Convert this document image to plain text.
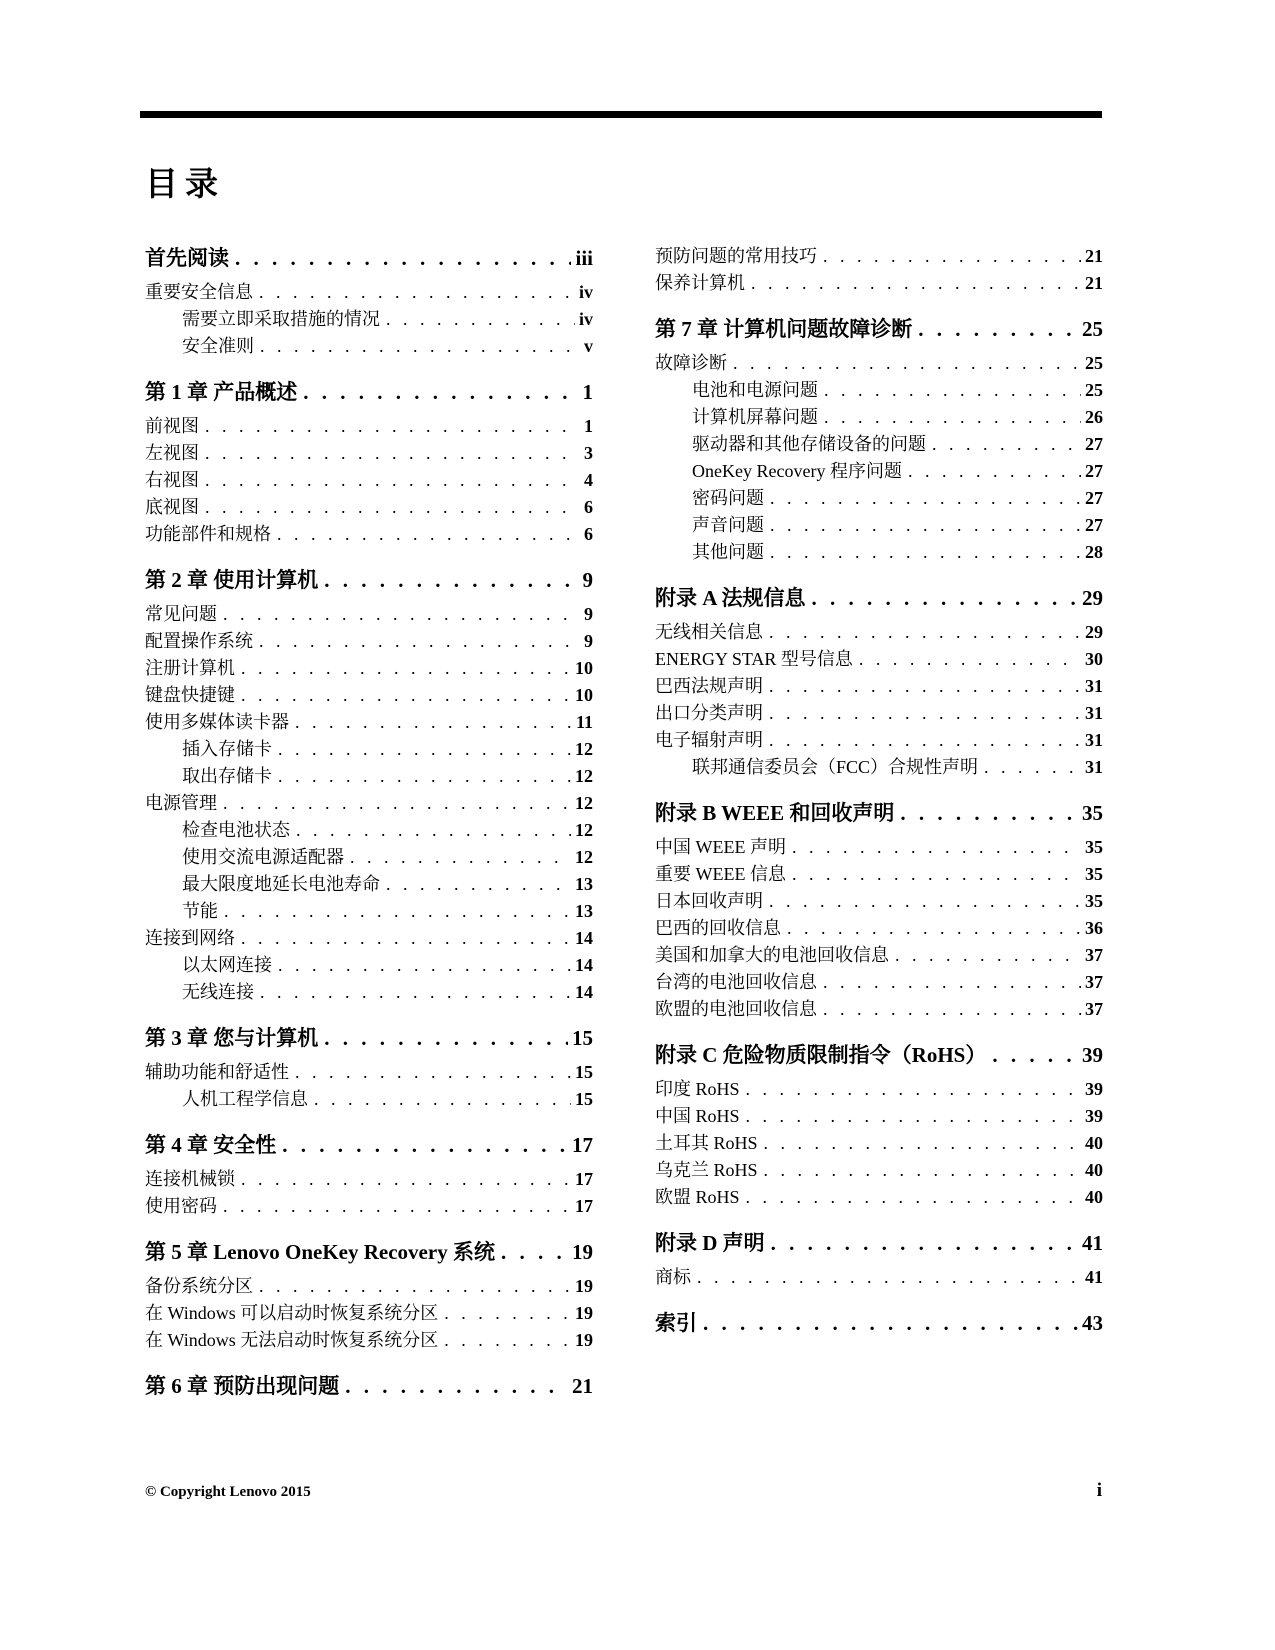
目录
首先阅读 . . .	iii
重要安全信息 . . .	iv
需要立即采取措施的情况 . . .	iv
安全准则 . . .	v
第 1 章 产品概述 . . .	1
前视图 . . .	1
左视图 . . .	3
右视图 . . .	4
底视图 . . .	6
功能部件和规格 . . .	6
第 2 章 使用计算机 . . .	9
常见问题 . . .	9
配置操作系统 . . .	9
注册计算机 . . .	10
键盘快捷键 . . .	10
使用多媒体读卡器 . . .	11
插入存储卡 . . .	12
取出存储卡 . . .	12
电源管理 . . .	12
检查电池状态 . . .	12
使用交流电源适配器 . . .	12
最大限度地延长电池寿命 . . .	13
节能 . . .	13
连接到网络 . . .	14
以太网连接 . . .	14
无线连接 . . .	14
第 3 章 您与计算机 . . .	15
辅助功能和舒适性 . . .	15
人机工程学信息 . . .	15
第 4 章 安全性 . . .	17
连接机械锁 . . .	17
使用密码 . . .	17
第 5 章 Lenovo OneKey Recovery 系统 . . .	19
备份系统分区 . . .	19
在 Windows 可以启动时恢复系统分区 . . .	19
在 Windows 无法启动时恢复系统分区 . . .	19
第 6 章 预防出现问题 . . .	21
预防问题的常用技巧 . . .	21
保养计算机 . . .	21
第 7 章 计算机问题故障诊断 . . .	25
故障诊断 . . .	25
电池和电源问题 . . .	25
计算机屏幕问题 . . .	26
驱动器和其他存储设备的问题 . . .	27
OneKey Recovery 程序问题 . . .	27
密码问题 . . .	27
声音问题 . . .	27
其他问题 . . .	28
附录 A 法规信息 . . .	29
无线相关信息 . . .	29
ENERGY STAR 型号信息 . . .	30
巴西法规声明 . . .	31
出口分类声明 . . .	31
电子辐射声明 . . .	31
联邦通信委员会（FCC）合规性声明 . . .	31
附录 B WEEE 和回收声明 . . .	35
中国 WEEE 声明 . . .	35
重要 WEEE 信息 . . .	35
日本回收声明 . . .	35
巴西的回收信息 . . .	36
美国和加拿大的电池回收信息 . . .	37
台湾的电池回收信息 . . .	37
欧盟的电池回收信息 . . .	37
附录 C 危险物质限制指令（RoHS） . . .	39
印度 RoHS . . .	39
中国 RoHS . . .	39
土耳其 RoHS . . .	40
乌克兰 RoHS . . .	40
欧盟 RoHS . . .	40
附录 D 声明 . . .	41
商标 . . .	41
索引 . . .	43
© Copyright Lenovo 2015	i
